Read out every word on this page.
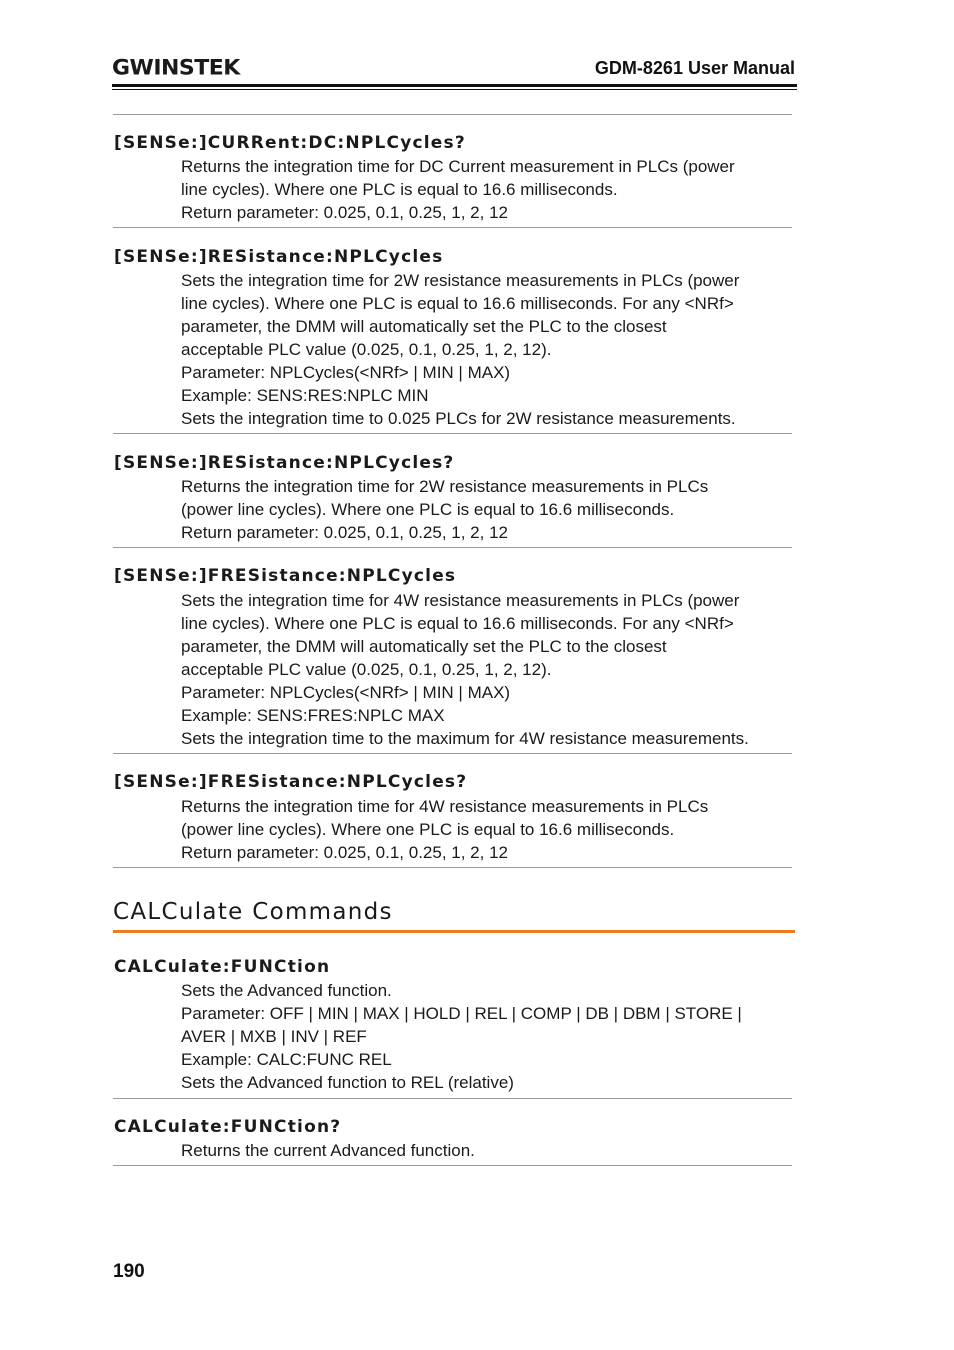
GWINSTEK	GDM-8261 User Manual
[SENSe:]CURRent:DC:NPLCycles?
Returns the integration time for DC Current measurement in PLCs (power
line cycles). Where one PLC is equal to 16.6 milliseconds.
Return parameter: 0.025, 0.1, 0.25, 1, 2, 12
[SENSe:]RESistance:NPLCycles
Sets the integration time for 2W resistance measurements in PLCs (power
line cycles). Where one PLC is equal to 16.6 milliseconds. For any <NRf>
parameter, the DMM will automatically set the PLC to the closest
acceptable PLC value (0.025, 0.1, 0.25, 1, 2, 12).
Parameter: NPLCycles(<NRf> | MIN | MAX)
Example: SENS:RES:NPLC MIN
Sets the integration time to 0.025 PLCs for 2W resistance measurements.
[SENSe:]RESistance:NPLCycles?
Returns the integration time for 2W resistance measurements in PLCs
(power line cycles). Where one PLC is equal to 16.6 milliseconds.
Return parameter: 0.025, 0.1, 0.25, 1, 2, 12
[SENSe:]FRESistance:NPLCycles
Sets the integration time for 4W resistance measurements in PLCs (power
line cycles). Where one PLC is equal to 16.6 milliseconds. For any <NRf>
parameter, the DMM will automatically set the PLC to the closest
acceptable PLC value (0.025, 0.1, 0.25, 1, 2, 12).
Parameter: NPLCycles(<NRf> | MIN | MAX)
Example: SENS:FRES:NPLC MAX
Sets the integration time to the maximum for 4W resistance measurements.
[SENSe:]FRESistance:NPLCycles?
Returns the integration time for 4W resistance measurements in PLCs
(power line cycles). Where one PLC is equal to 16.6 milliseconds.
Return parameter: 0.025, 0.1, 0.25, 1, 2, 12
CALCulate Commands
CALCulate:FUNCtion
Sets the Advanced function.
Parameter: OFF | MIN | MAX | HOLD | REL | COMP | DB | DBM | STORE |
AVER | MXB | INV | REF
Example: CALC:FUNC REL
Sets the Advanced function to REL (relative)
CALCulate:FUNCtion?
Returns the current Advanced function.
190
